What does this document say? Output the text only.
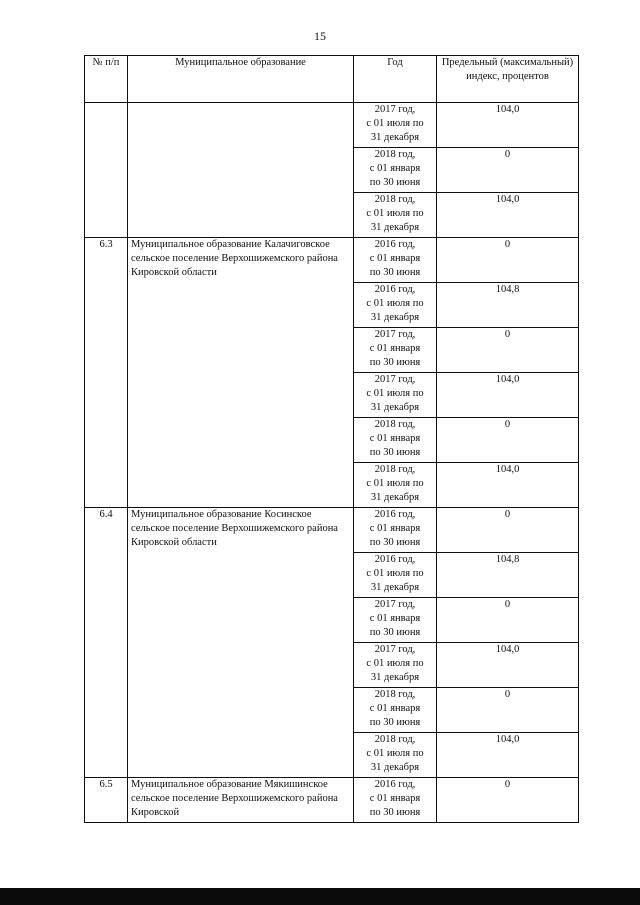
15
№ п/п	Муниципальное образование	Год	Предельный (максимальный) индекс, процентов

		2017 год,
с 01 июля по
31 декабря	104,0

		2018 год,
с 01 января
по 30 июня	0

		2018 год,
с 01 июля по
31 декабря	104,0
6.3	Муниципальное образование Калачиговское сельское поселение Верхошижемского района Кировской области	2016 год,
с 01 января
по 30 июня	0

		2016 год,
с 01 июля по
31 декабря	104,8

		2017 год,
с 01 января
по 30 июня	0

		2017 год,
с 01 июля по
31 декабря	104,0

		2018 год,
с 01 января
по 30 июня	0

		2018 год,
с 01 июля по
31 декабря	104,0
6.4	Муниципальное образование Косинское сельское поселение Верхошижемского района Кировской области	2016 год,
с 01 января
по 30 июня	0

		2016 год,
с 01 июля по
31 декабря	104,8

		2017 год,
с 01 января
по 30 июня	0

		2017 год,
с 01 июля по
31 декабря	104,0

		2018 год,
с 01 января
по 30 июня	0

		2018 год,
с 01 июля по
31 декабря	104,0
6.5	Муниципальное образование Мякишинское сельское поселение Верхошижемского района Кировской	2016 год,
с 01 января
по 30 июня	0
